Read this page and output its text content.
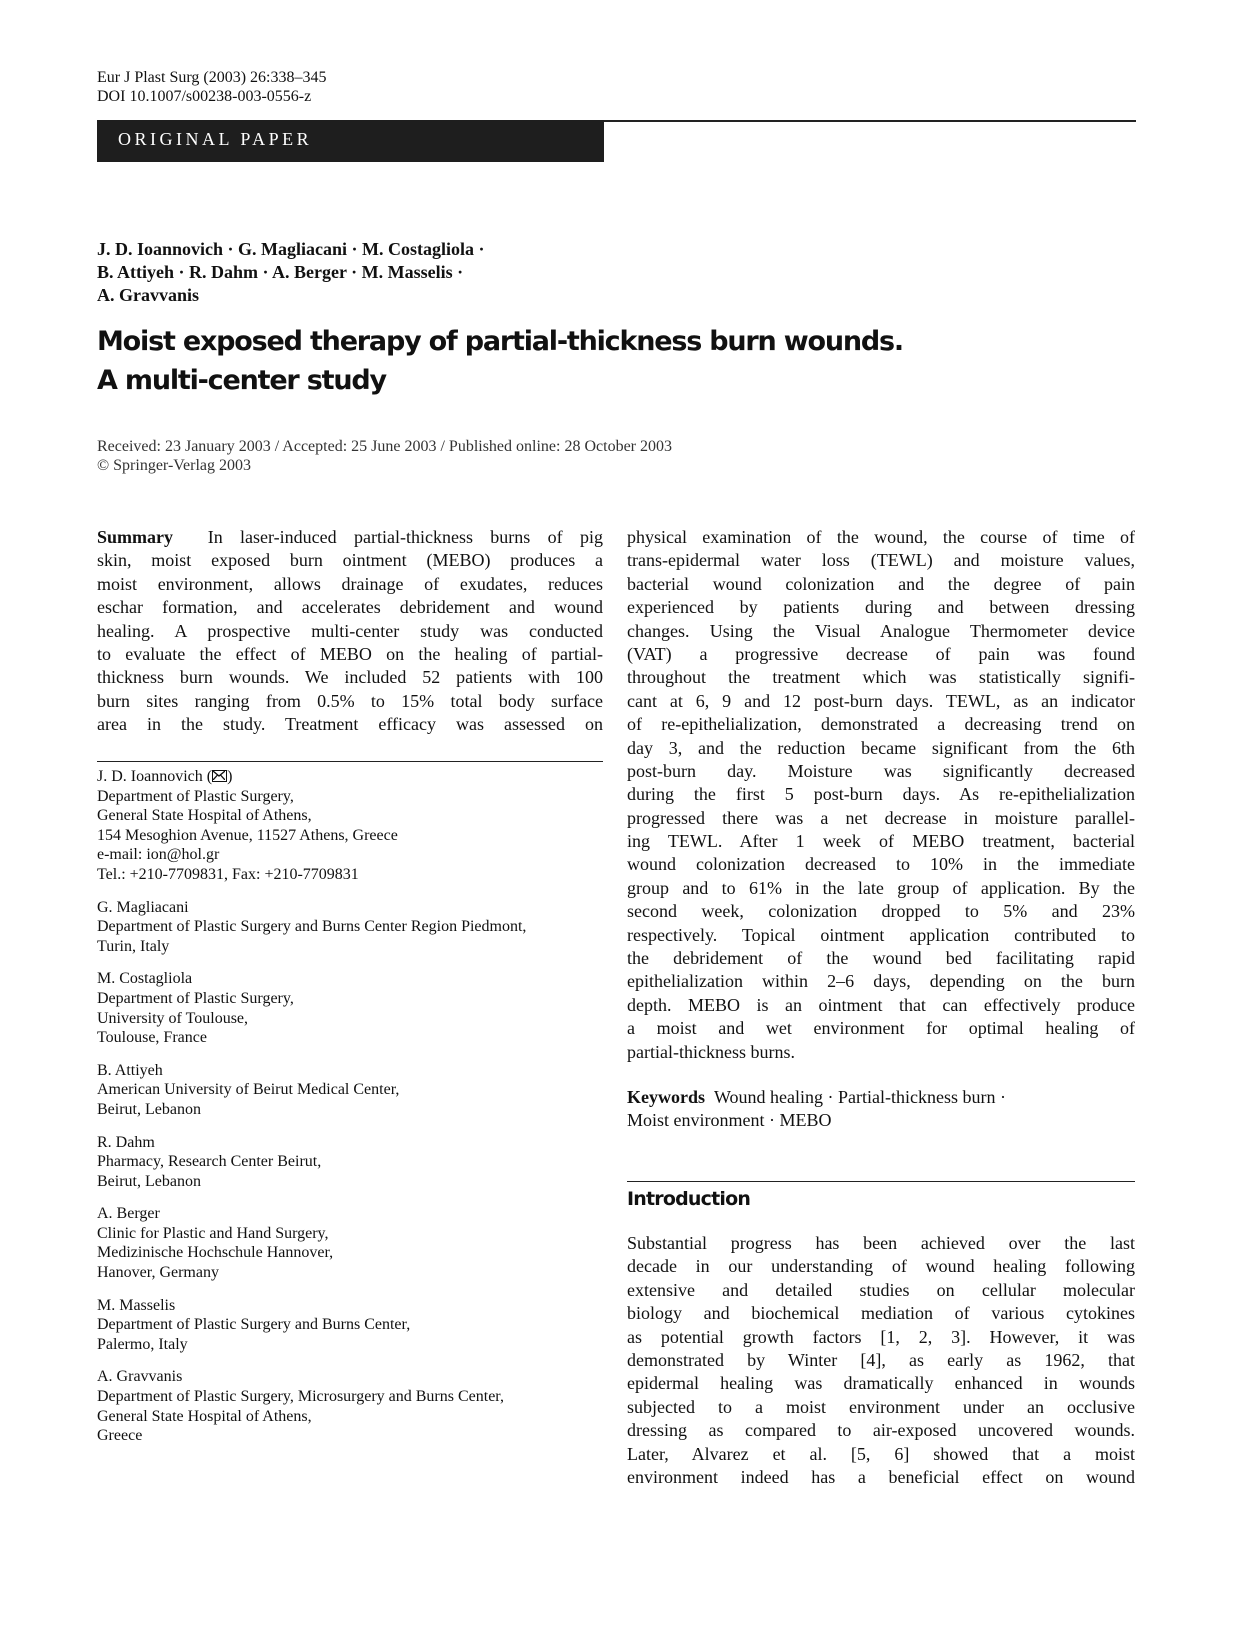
Eur J Plast Surg (2003) 26:338–345
DOI 10.1007/s00238-003-0556-z
ORIGINAL PAPER
J. D. Ioannovich · G. Magliacani · M. Costagliola ·
B. Attiyeh · R. Dahm · A. Berger · M. Masselis ·
A. Gravvanis
Moist exposed therapy of partial-thickness burn wounds.
A multi-center study
Received: 23 January 2003 / Accepted: 25 June 2003 / Published online: 28 October 2003
© Springer-Verlag 2003
Summary In laser-induced partial-thickness burns of pig
skin, moist exposed burn ointment (MEBO) produces a
moist environment, allows drainage of exudates, reduces
eschar formation, and accelerates debridement and wound
healing. A prospective multi-center study was conducted
to evaluate the effect of MEBO on the healing of partial-
thickness burn wounds. We included 52 patients with 100
burn sites ranging from 0.5% to 15% total body surface
area in the study. Treatment efficacy was assessed on
J. D. Ioannovich ( )
Department of Plastic Surgery,
General State Hospital of Athens,
154 Mesoghion Avenue, 11527 Athens, Greece
e-mail: ion@hol.gr
Tel.: +210-7709831, Fax: +210-7709831
G. Magliacani
Department of Plastic Surgery and Burns Center Region Piedmont,
Turin, Italy
M. Costagliola
Department of Plastic Surgery,
University of Toulouse,
Toulouse, France
B. Attiyeh
American University of Beirut Medical Center,
Beirut, Lebanon
R. Dahm
Pharmacy, Research Center Beirut,
Beirut, Lebanon
A. Berger
Clinic for Plastic and Hand Surgery,
Medizinische Hochschule Hannover,
Hanover, Germany
M. Masselis
Department of Plastic Surgery and Burns Center,
Palermo, Italy
A. Gravvanis
Department of Plastic Surgery, Microsurgery and Burns Center,
General State Hospital of Athens,
Greece
physical examination of the wound, the course of time of
trans-epidermal water loss (TEWL) and moisture values,
bacterial wound colonization and the degree of pain
experienced by patients during and between dressing
changes. Using the Visual Analogue Thermometer device
(VAT) a progressive decrease of pain was found
throughout the treatment which was statistically signifi-
cant at 6, 9 and 12 post-burn days. TEWL, as an indicator
of re-epithelialization, demonstrated a decreasing trend on
day 3, and the reduction became significant from the 6th
post-burn day. Moisture was significantly decreased
during the first 5 post-burn days. As re-epithelialization
progressed there was a net decrease in moisture parallel-
ing TEWL. After 1 week of MEBO treatment, bacterial
wound colonization decreased to 10% in the immediate
group and to 61% in the late group of application. By the
second week, colonization dropped to 5% and 23%
respectively. Topical ointment application contributed to
the debridement of the wound bed facilitating rapid
epithelialization within 2–6 days, depending on the burn
depth. MEBO is an ointment that can effectively produce
a moist and wet environment for optimal healing of
partial-thickness burns.
Keywords Wound healing · Partial-thickness burn ·
Moist environment · MEBO
Introduction
Substantial progress has been achieved over the last
decade in our understanding of wound healing following
extensive and detailed studies on cellular molecular
biology and biochemical mediation of various cytokines
as potential growth factors [1, 2, 3]. However, it was
demonstrated by Winter [4], as early as 1962, that
epidermal healing was dramatically enhanced in wounds
subjected to a moist environment under an occlusive
dressing as compared to air-exposed uncovered wounds.
Later, Alvarez et al. [5, 6] showed that a moist
environment indeed has a beneficial effect on wound
